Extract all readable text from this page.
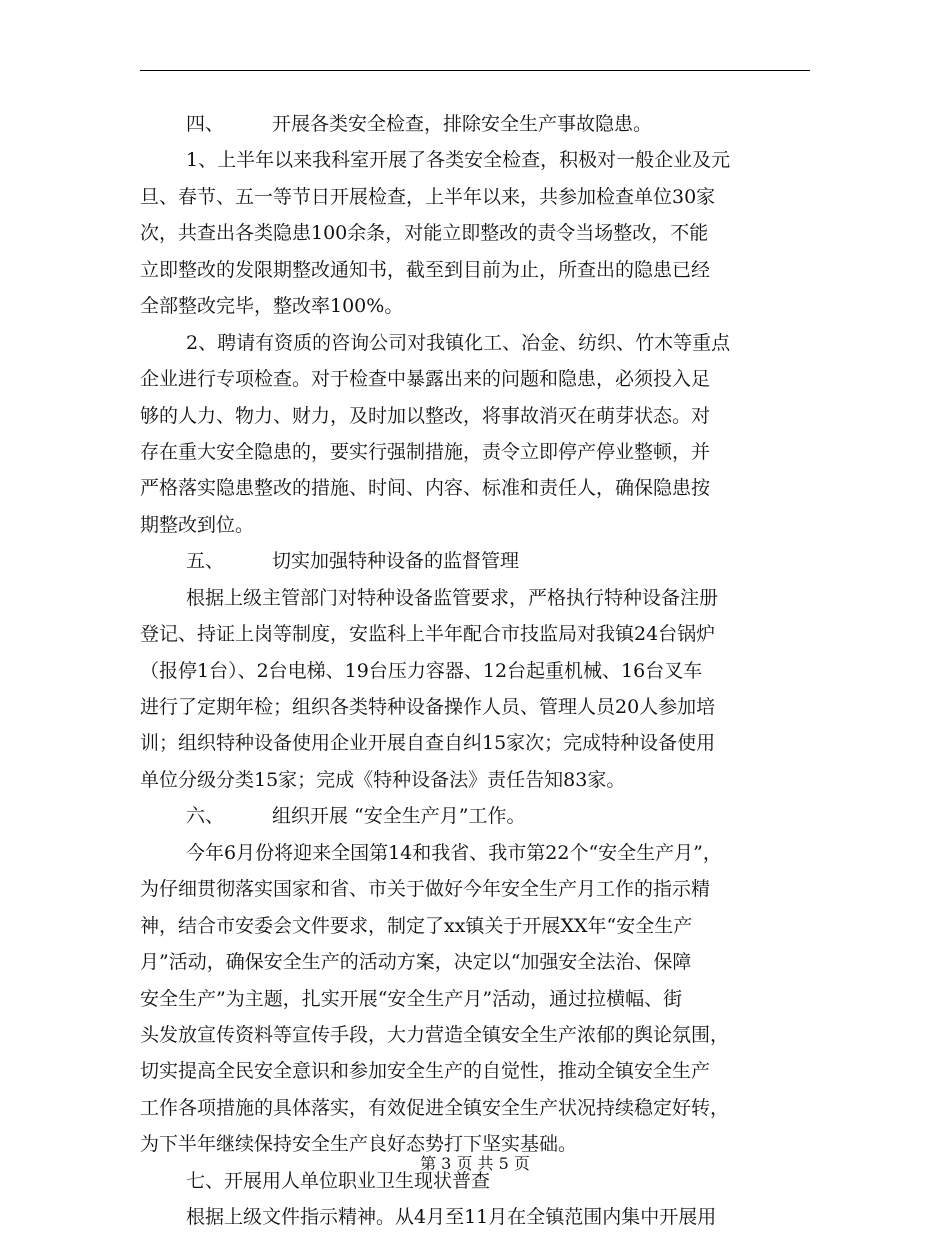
四、	开展各类安全检查，排除安全生产事故隐患。
1、上半年以来我科室开展了各类安全检查，积极对一般企业及元
旦、春节、五一等节日开展检查，上半年以来，共参加检查单位30家
次，共查出各类隐患100余条，对能立即整改的责令当场整改，不能
立即整改的发限期整改通知书，截至到目前为止，所查出的隐患已经
全部整改完毕，整改率100%。
2、聘请有资质的咨询公司对我镇化工、冶金、纺织、竹木等重点
企业进行专项检查。对于检查中暴露出来的问题和隐患，必须投入足
够的人力、物力、财力，及时加以整改，将事故消灭在萌芽状态。对
存在重大安全隐患的，要实行强制措施，责令立即停产停业整顿，并
严格落实隐患整改的措施、时间、内容、标准和责任人，确保隐患按
期整改到位。
五、	切实加强特种设备的监督管理
根据上级主管部门对特种设备监管要求，严格执行特种设备注册
登记、持证上岗等制度，安监科上半年配合市技监局对我镇24台锅炉
（报停1台）、2台电梯、19台压力容器、12台起重机械、16台叉车
进行了定期年检；组织各类特种设备操作人员、管理人员20人参加培
训；组织特种设备使用企业开展自查自纠15家次；完成特种设备使用
单位分级分类15家；完成《特种设备法》责任告知83家。
六、	组织开展 “安全生产月”工作。
今年6月份将迎来全国第14和我省、我市第22个“安全生产月”，
为仔细贯彻落实国家和省、市关于做好今年安全生产月工作的指示精
神，结合市安委会文件要求，制定了xx镇关于开展XX年“安全生产
月”活动，确保安全生产的活动方案，决定以“加强安全法治、保障
安全生产”为主题，扎实开展“安全生产月”活动，通过拉横幅、街
头发放宣传资料等宣传手段，大力营造全镇安全生产浓郁的舆论氛围，
切实提高全民安全意识和参加安全生产的自觉性，推动全镇安全生产
工作各项措施的具体落实，有效促进全镇安全生产状况持续稳定好转，
为下半年继续保持安全生产良好态势打下坚实基础。
七、开展用人单位职业卫生现状普查
根据上级文件指示精神。从4月至11月在全镇范围内集中开展用
第 3 页 共 5 页
